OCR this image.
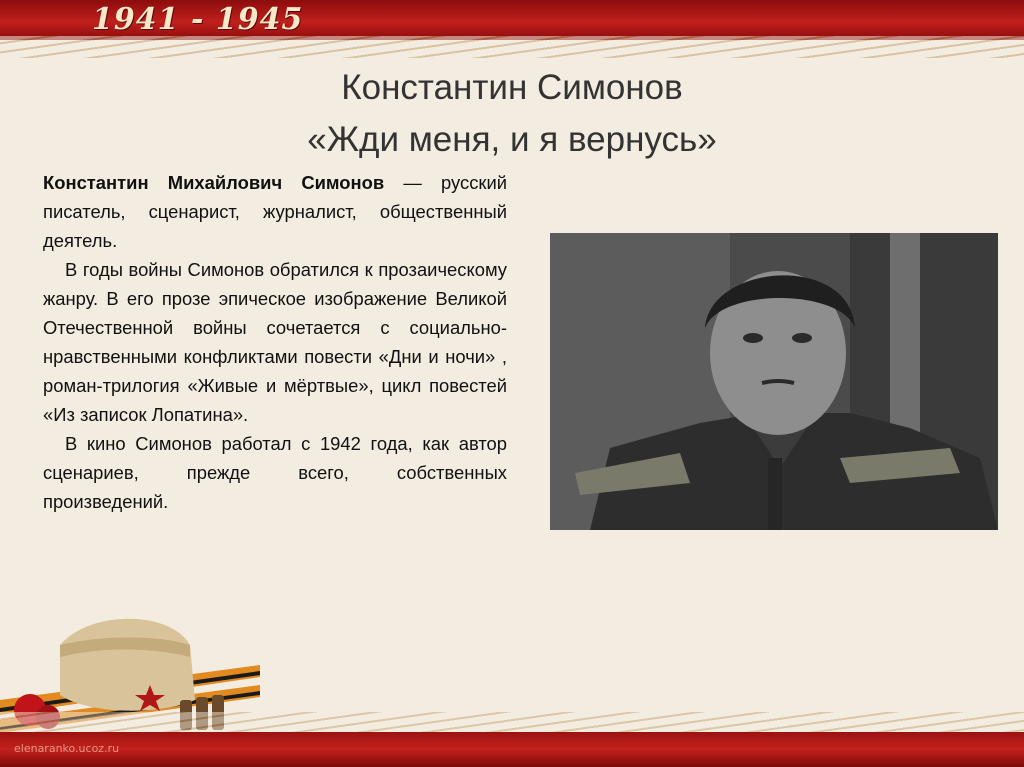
1941 - 1945
Константин Симонов
«Жди меня, и я вернусь»

Константин Михайлович Симонов — русский писатель, сценарист, журналист, общественный деятель.

В годы войны Симонов обратился к прозаическому жанру. В его прозе эпическое изображение Великой Отечественной войны сочетается с социально-нравственными конфликтами повести «Дни и ночи» , роман-трилогия «Живые и мёртвые», цикл повестей «Из записок Лопатина».

В кино Симонов работал с 1942 года, как автор сценариев, прежде всего, собственных произведений.

elenaranko.ucoz.ru
